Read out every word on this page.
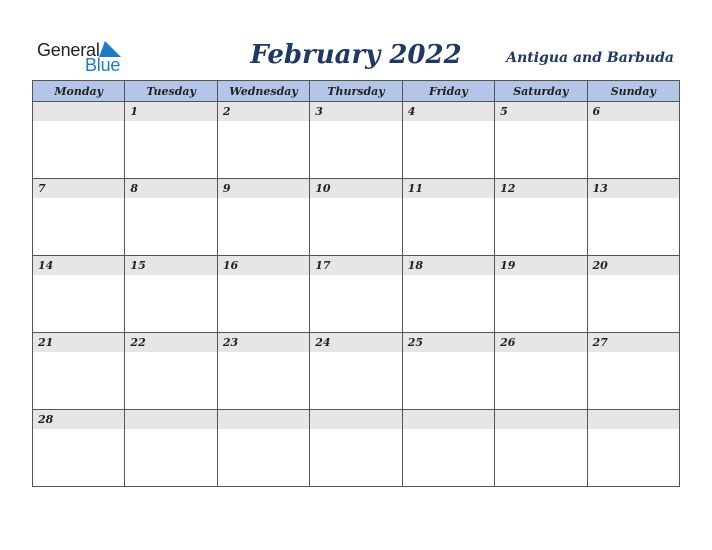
General
Blue	February 2022	Antigua and Barbuda
Monday	Tuesday	Wednesday	Thursday	Friday	Saturday	Sunday

	1	2	3	4	5	6

7	8	9	10	11	12	13

14	15	16	17	18	19	20

21	22	23	24	25	26	27

28						
